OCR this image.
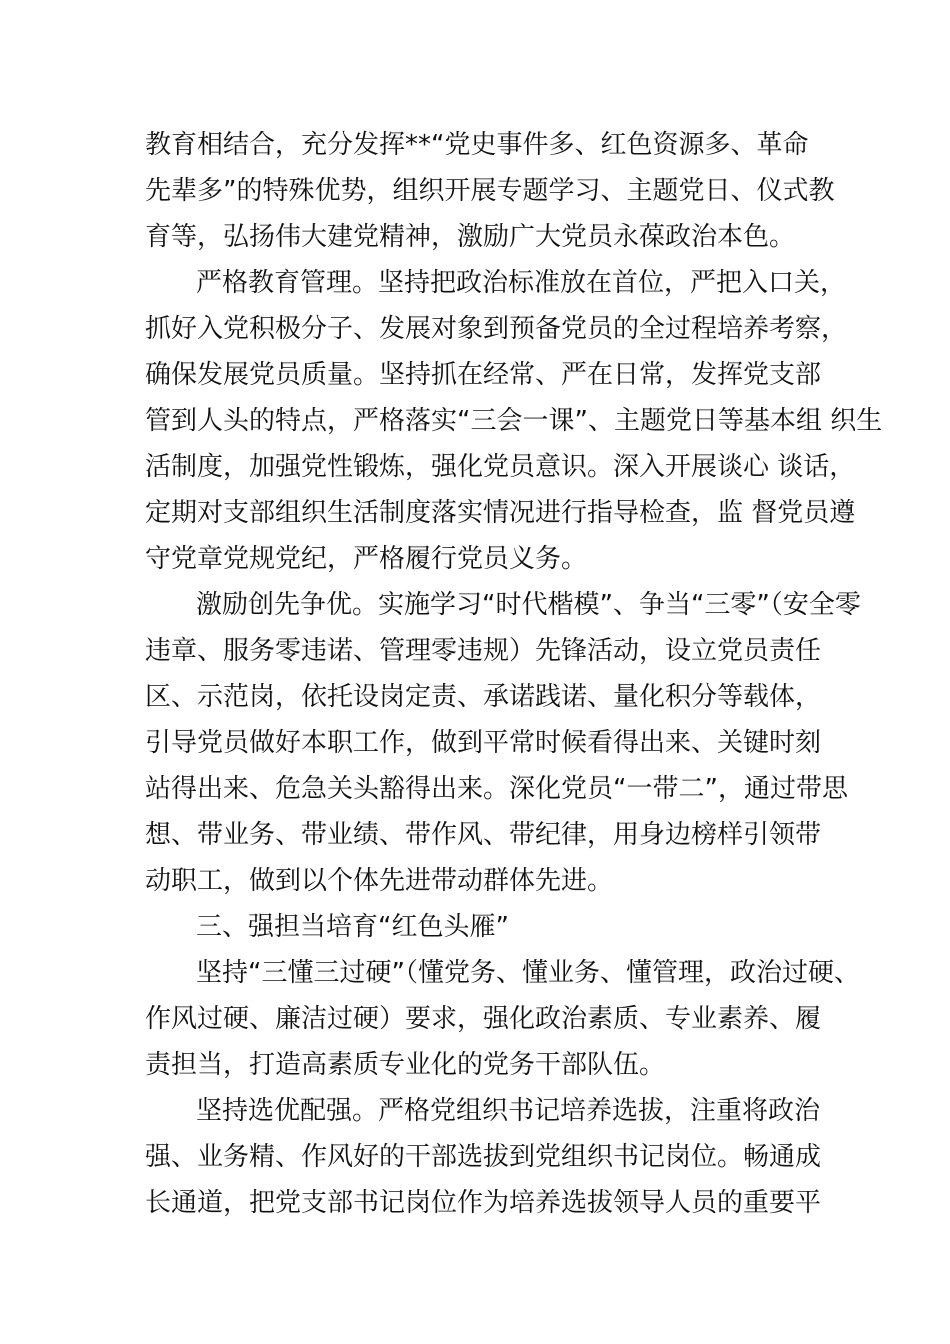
教育相结合，充分发挥**“党史事件多、红色资源多、革命
先辈多”的特殊优势，组织开展专题学习、主题党日、仪式教
育等，弘扬伟大建党精神，激励广大党员永葆政治本色。
严格教育管理。坚持把政治标准放在首位，严把入口关，
抓好入党积极分子、发展对象到预备党员的全过程培养考察，
确保发展党员质量。坚持抓在经常、严在日常，发挥党支部
管到人头的特点，严格落实“三会一课”、主题党日等基本组 织生
活制度，加强党性锻炼，强化党员意识。深入开展谈心 谈话，
定期对支部组织生活制度落实情况进行指导检查，监 督党员遵
守党章党规党纪，严格履行党员义务。
激励创先争优。实施学习“时代楷模”、争当“三零”（安全零
违章、服务零违诺、管理零违规）先锋活动，设立党员责任
区、示范岗，依托设岗定责、承诺践诺、量化积分等载体，
引导党员做好本职工作，做到平常时候看得出来、关键时刻
站得出来、危急关头豁得出来。深化党员“一带二”，通过带思
想、带业务、带业绩、带作风、带纪律，用身边榜样引领带
动职工，做到以个体先进带动群体先进。
三、强担当培育“红色头雁”
坚持“三懂三过硬”（懂党务、懂业务、懂管理，政治过硬、
作风过硬、廉洁过硬）要求，强化政治素质、专业素养、履
责担当，打造高素质专业化的党务干部队伍。
坚持选优配强。严格党组织书记培养选拔，注重将政治
强、业务精、作风好的干部选拔到党组织书记岗位。畅通成
长通道，把党支部书记岗位作为培养选拔领导人员的重要平
